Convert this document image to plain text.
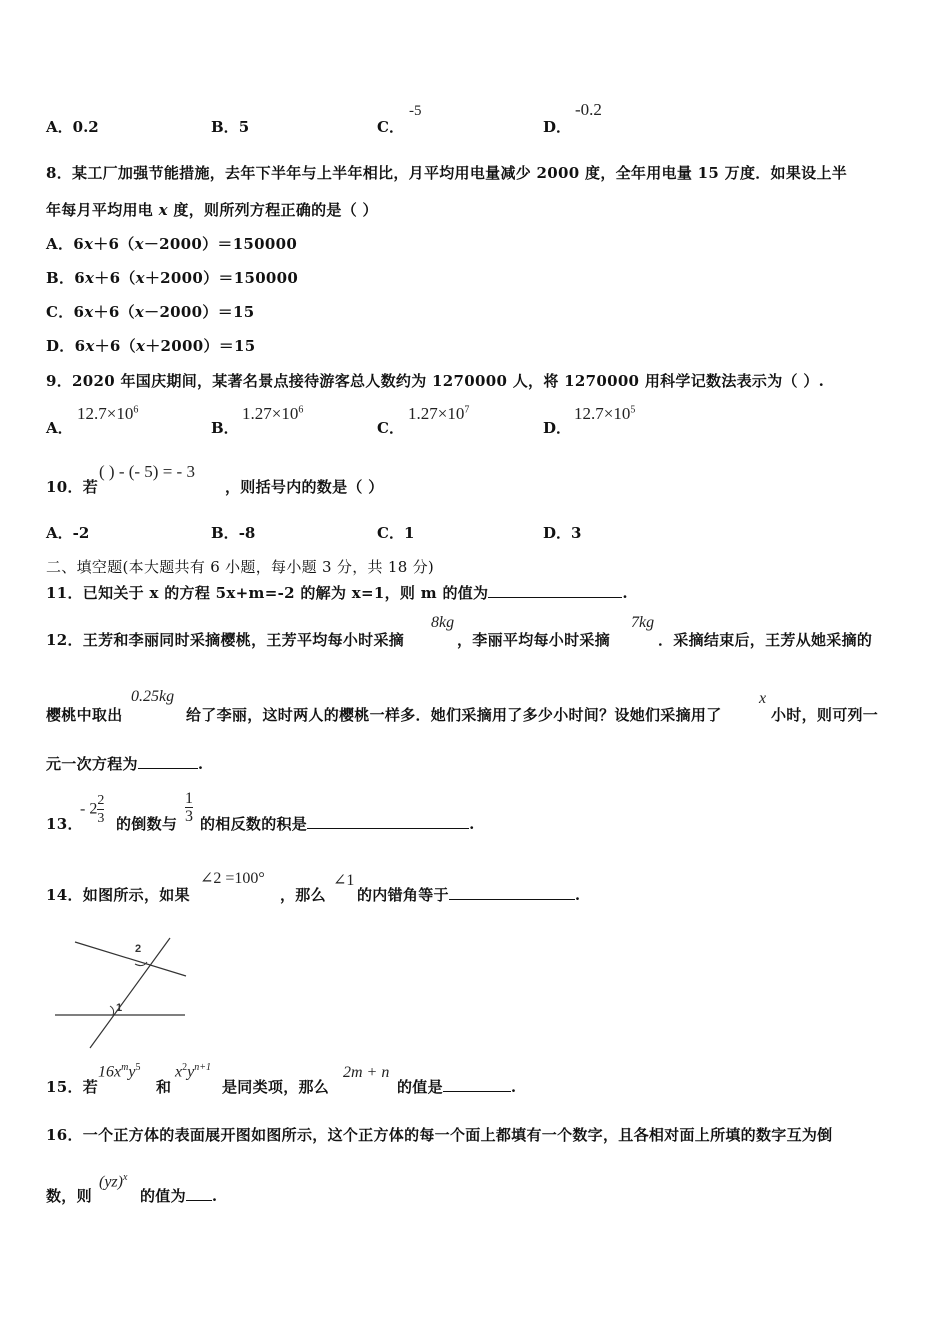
A．0.2	B．5	C．
-5
D．
-0.2
8．某工厂加强节能措施，去年下半年与上半年相比，月平均用电量减少 2000 度，全年用电量 15 万度．如果设上半
年每月平均用电 x 度，则所列方程正确的是（ ）
A．6x＋6（x－2000）＝150000
B．6x＋6（x＋2000）＝150000
C．6x＋6（x－2000）＝15
D．6x＋6（x＋2000）＝15
9．2020 年国庆期间，某著名景点接待游客总人数约为 1270000 人，将 1270000 用科学记数法表示为（ ）.
A．
$12.7\times 10^6$
B．
$1.27\times 10^6$
C．
$1.27\times 10^7$
D．
$12.7\times 10^5$
10．若
( ) - (- 5) = - 3
，则括号内的数是（ ）
A．-2	B．-8	C．1	D．3
二、填空题(本大题共有 6 小题，每小题 3 分，共 18 分)
11．已知关于 x 的方程 5x+m=-2 的解为 x=1，则 m 的值为	.
12．王芳和李丽同时采摘樱桃，王芳平均每小时采摘
8kg
，李丽平均每小时采摘
7kg
．采摘结束后，王芳从她采摘的
樱桃中取出
0.25kg
给了李丽，这时两人的樱桃一样多．她们采摘用了多少小时间？设她们采摘用了
x
小时，则可列一
元一次方程为	.
13．
- $2 \frac{2}{3}$ 的倒数与 $\frac{1}{3}$ 的相反数的积是	.
14．如图所示，如果
∠2 =100°
，那么
∠1
的内错角等于	.
2
1
15．若
$16x^my^5$
和
$x^2y^{n+1}$
是同类项，那么
2m + n
的值是	.
16．一个正方体的表面展开图如图所示，这个正方体的每一个面上都填有一个数字，且各相对面上所填的数字互为倒
数，则
(yz)$^x$
的值为 .
